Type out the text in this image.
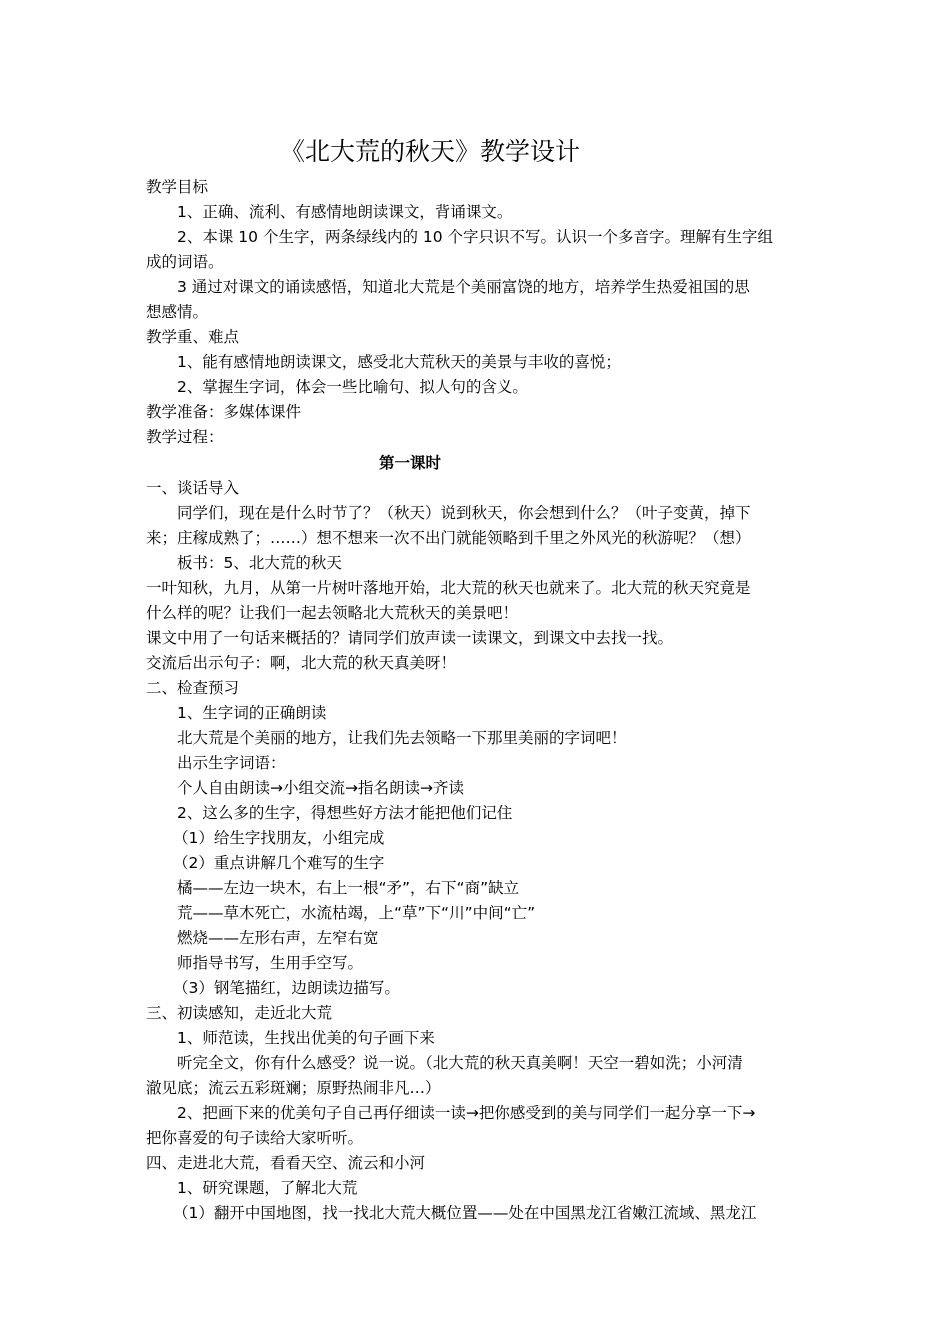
《北大荒的秋天》教学设计
教学目标
1、正确、流利、有感情地朗读课文，背诵课文。
2、本课 10 个生字，两条绿线内的 10 个字只识不写。认识一个多音字。理解有生字组
成的词语。
3 通过对课文的诵读感悟，知道北大荒是个美丽富饶的地方，培养学生热爱祖国的思
想感情。
教学重、难点
1、能有感情地朗读课文，感受北大荒秋天的美景与丰收的喜悦；
2、掌握生字词，体会一些比喻句、拟人句的含义。
教学准备：多媒体课件
教学过程：
第一课时
一、谈话导入
同学们，现在是什么时节了？（秋天）说到秋天，你会想到什么？（叶子变黄，掉下
来；庄稼成熟了；……）想不想来一次不出门就能领略到千里之外风光的秋游呢？（想）
板书：5、北大荒的秋天
一叶知秋，九月，从第一片树叶落地开始，北大荒的秋天也就来了。北大荒的秋天究竟是
什么样的呢？让我们一起去领略北大荒秋天的美景吧！
课文中用了一句话来概括的？请同学们放声读一读课文，到课文中去找一找。
交流后出示句子：啊，北大荒的秋天真美呀！
二、检查预习
1、生字词的正确朗读
北大荒是个美丽的地方，让我们先去领略一下那里美丽的字词吧！
出示生字词语：
个人自由朗读→小组交流→指名朗读→齐读
2、这么多的生字，得想些好方法才能把他们记住
（1）给生字找朋友，小组完成
（2）重点讲解几个难写的生字
橘——左边一块木，右上一根“矛”，右下“商”缺立
荒——草木死亡，水流枯竭，上“草”下“川”中间“亡”
燃烧——左形右声，左窄右宽
师指导书写，生用手空写。
（3）钢笔描红，边朗读边描写。
三、初读感知，走近北大荒
1、师范读，生找出优美的句子画下来
听完全文，你有什么感受？说一说。（北大荒的秋天真美啊！天空一碧如洗；小河清
澈见底；流云五彩斑斓；原野热闹非凡…）
2、把画下来的优美句子自己再仔细读一读→把你感受到的美与同学们一起分享一下→
把你喜爱的句子读给大家听听。
四、走进北大荒，看看天空、流云和小河
1、研究课题，了解北大荒
（1）翻开中国地图，找一找北大荒大概位置——处在中国黑龙江省嫩江流域、黑龙江
